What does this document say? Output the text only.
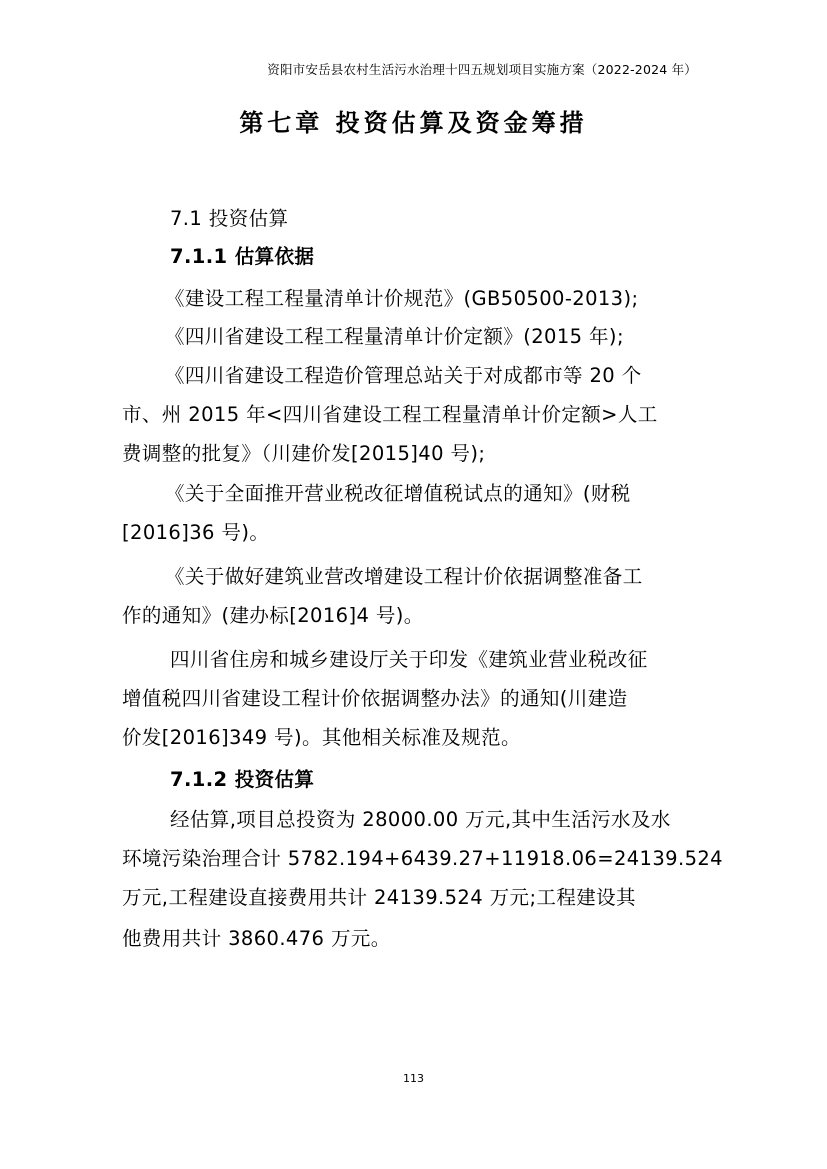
资阳市安岳县农村生活污水治理十四五规划项目实施方案（2022-2024 年）
第七章 投资估算及资金筹措
7.1 投资估算
7.1.1 估算依据
《建设工程工程量清单计价规范》(GB50500-2013);
《四川省建设工程工程量清单计价定额》(2015 年);
《四川省建设工程造价管理总站关于对成都市等 20 个
市、州 2015 年<四川省建设工程工程量清单计价定额>人工
费调整的批复》（川建价发[2015]40 号);
《关于全面推开营业税改征增值税试点的通知》(财税
[2016]36 号)。
《关于做好建筑业营改增建设工程计价依据调整准备工
作的通知》(建办标[2016]4 号)。
四川省住房和城乡建设厅关于印发《建筑业营业税改征
增值税四川省建设工程计价依据调整办法》的通知(川建造
价发[2016]349 号)。其他相关标准及规范。
7.1.2 投资估算
经估算,项目总投资为 28000.00 万元,其中生活污水及水
环境污染治理合计 5782.194+6439.27+11918.06=24139.524
万元,工程建设直接费用共计 24139.524 万元;工程建设其
他费用共计 3860.476 万元。
113
